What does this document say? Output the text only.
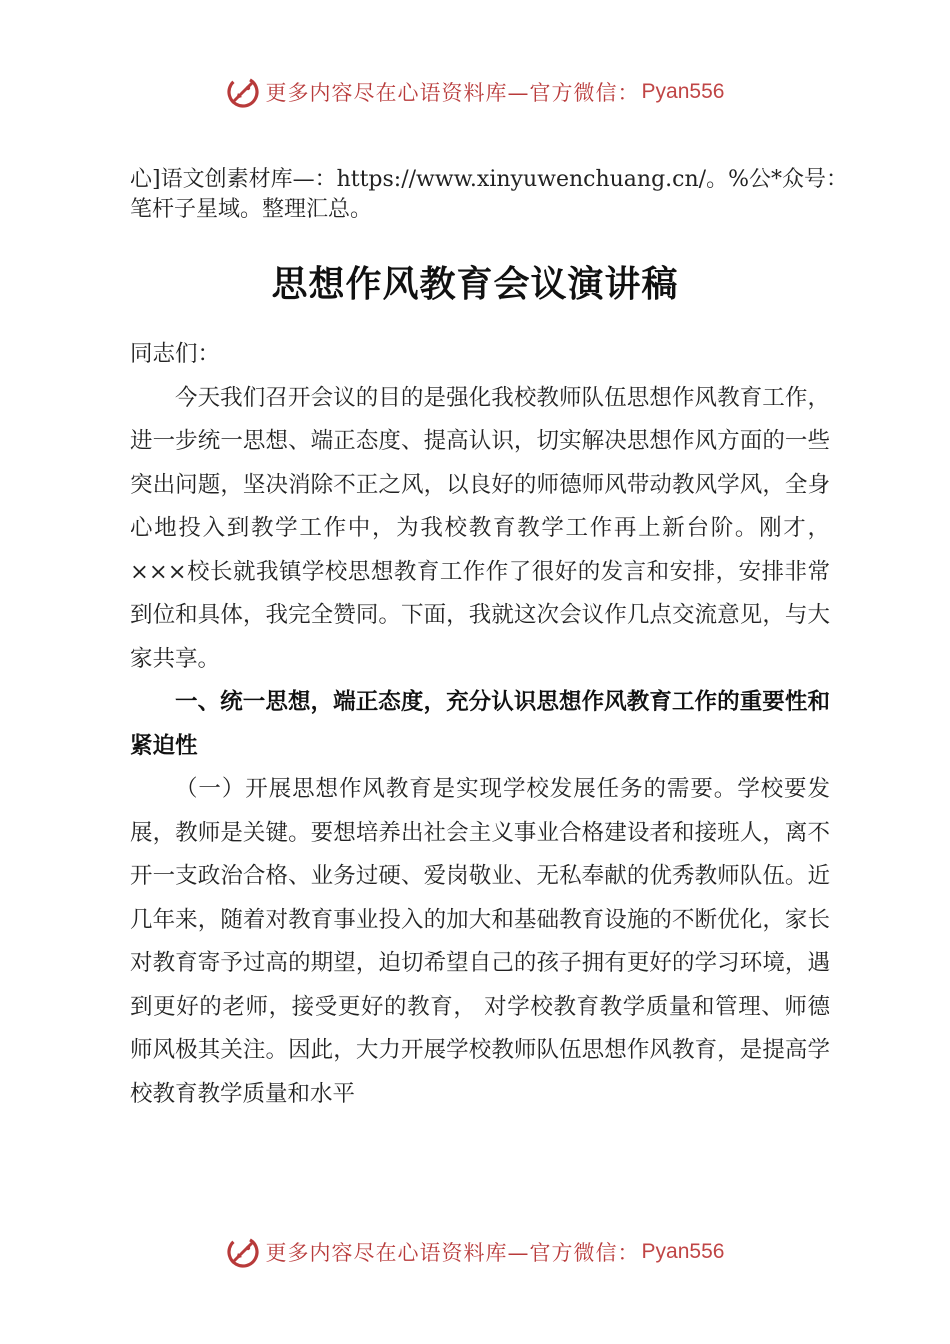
更多内容尽在心语资料库—官方微信： Pyan556
心]语文创素材库—：https://www.xinyuwenchuang.cn/。%公*众号：笔杆子星域。整理汇总。
思想作风教育会议演讲稿

同志们：

今天我们召开会议的目的是强化我校教师队伍思想作风教育工作，进一步统一思想、端正态度、提高认识，切实解决思想作风方面的一些突出问题，坚决消除不正之风，以良好的师德师风带动教风学风，全身心地投入到教学工作中，为我校教育教学工作再上新台阶。刚才，×××校长就我镇学校思想教育工作作了很好的发言和安排，安排非常到位和具体，我完全赞同。下面，我就这次会议作几点交流意见，与大家共享。

一、统一思想，端正态度，充分认识思想作风教育工作的重要性和紧迫性

（一）开展思想作风教育是实现学校发展任务的需要。学校要发展，教师是关键。要想培养出社会主义事业合格建设者和接班人，离不开一支政治合格、业务过硬、爱岗敬业、无私奉献的优秀教师队伍。近几年来，随着对教育事业投入的加大和基础教育设施的不断优化，家长对教育寄予过高的期望，迫切希望自己的孩子拥有更好的学习环境，遇到更好的老师，接受更好的教育， 对学校教育教学质量和管理、师德师风极其关注。因此，大力开展学校教师队伍思想作风教育，是提高学校教育教学质量和水平

更多内容尽在心语资料库—官方微信： Pyan556
